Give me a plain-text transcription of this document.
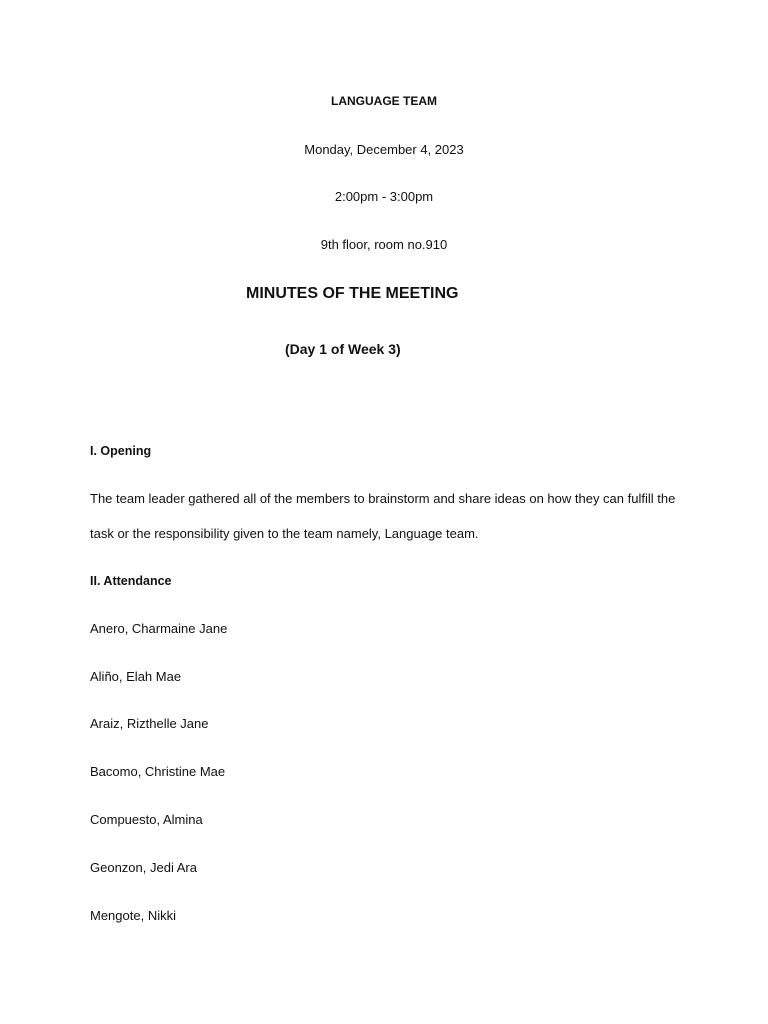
LANGUAGE TEAM
Monday, December 4, 2023
2:00pm - 3:00pm
9th floor, room no.910
MINUTES OF THE MEETING
(Day 1 of Week 3)
I. Opening
The team leader gathered all of the members to brainstorm and share ideas on how they can fulfill the
task or the responsibility given to the team namely, Language team.
II. Attendance
Anero, Charmaine Jane
Aliño, Elah Mae
Araiz, Rizthelle Jane
Bacomo, Christine Mae
Compuesto, Almina
Geonzon, Jedi Ara
Mengote, Nikki
